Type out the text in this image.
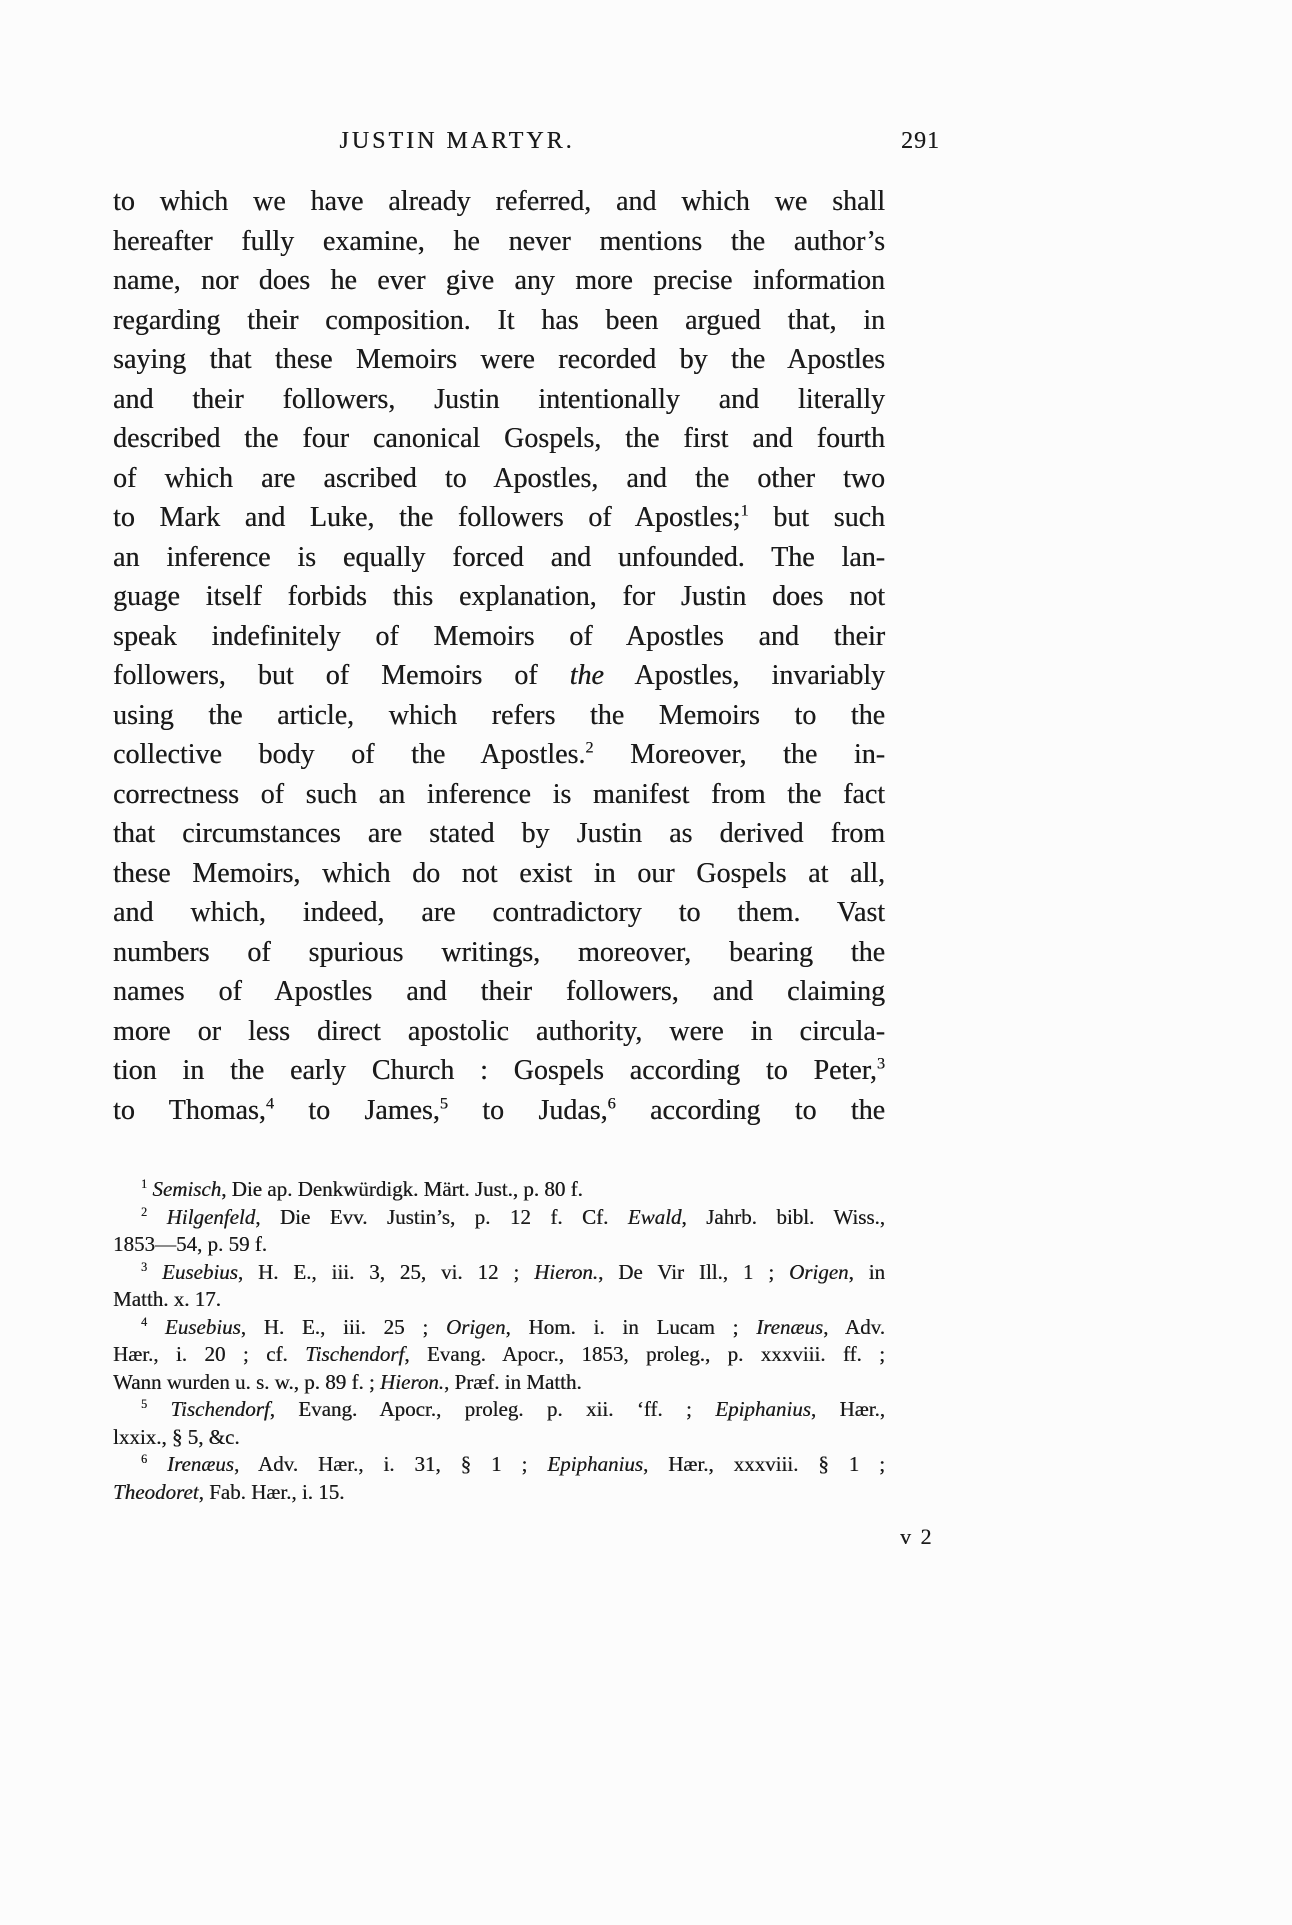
JUSTIN MARTYR.	291
to which we have already referred, and which we shall
hereafter fully examine, he never mentions the author’s
name, nor does he ever give any more precise information
regarding their composition. It has been argued that, in
saying that these Memoirs were recorded by the Apostles
and their followers, Justin intentionally and literally
described the four canonical Gospels, the first and fourth
of which are ascribed to Apostles, and the other two
to Mark and Luke, the followers of Apostles;$^1$ but such
an inference is equally forced and unfounded. The lan-
guage itself forbids this explanation, for Justin does not
speak indefinitely of Memoirs of Apostles and their
followers, but of Memoirs of the Apostles, invariably
using the article, which refers the Memoirs to the
collective body of the Apostles.$^2$ Moreover, the in-
correctness of such an inference is manifest from the fact
that circumstances are stated by Justin as derived from
these Memoirs, which do not exist in our Gospels at all,
and which, indeed, are contradictory to them. Vast
numbers of spurious writings, moreover, bearing the
names of Apostles and their followers, and claiming
more or less direct apostolic authority, were in circula-
tion in the early Church : Gospels according to Peter,$^3$
to Thomas,$^4$ to James,$^5$ to Judas,$^6$ according to the
$^1$ Semisch, Die ap. Denkwürdigk. Märt. Just., p. 80 f.
$^2$ Hilgenfeld, Die Evv. Justin’s, p. 12 f. Cf. Ewald, Jahrb. bibl. Wiss.,
1853—54, p. 59 f.
$^3$ Eusebius, H. E., iii. 3, 25, vi. 12 ; Hieron., De Vir Ill., 1 ; Origen, in
Matth. x. 17.
$^4$ Eusebius, H. E., iii. 25 ; Origen, Hom. i. in Lucam ; Irenæus, Adv.
Hær., i. 20 ; cf. Tischendorf, Evang. Apocr., 1853, proleg., p. xxxviii. ff. ;
Wann wurden u. s. w., p. 89 f. ; Hieron., Præf. in Matth.
$^5$ Tischendorf, Evang. Apocr., proleg. p. xii. ‘ff. ; Epiphanius, Hær.,
lxxix., § 5, &c.
$^6$ Irenæus, Adv. Hær., i. 31, § 1 ; Epiphanius, Hær., xxxviii. § 1 ;
Theodoret, Fab. Hær., i. 15.
v 2
